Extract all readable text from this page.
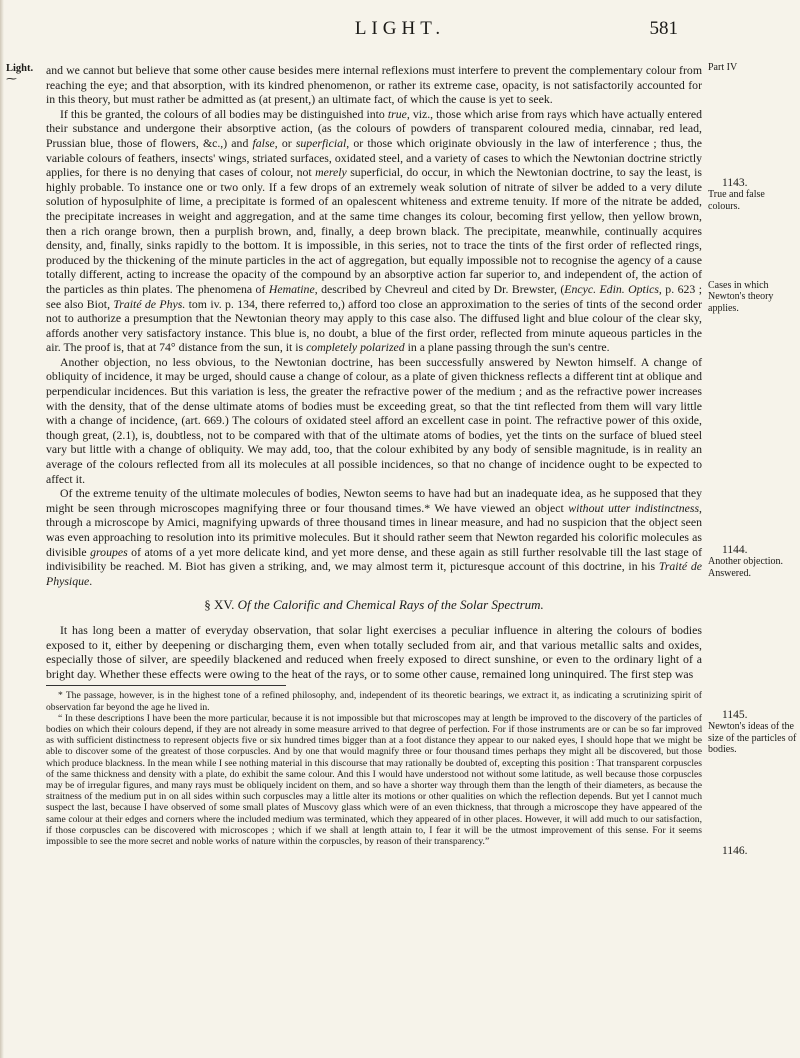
LIGHT.	581
Light.
⁓

and we cannot but believe that some other cause besides mere internal reflexions must interfere to prevent the complementary colour from reaching the eye; and that absorption, with its kindred phenomenon, or rather its extreme case, opacity, is not satisfactorily accounted for in this theory, but must rather be admitted as (at present,) an ultimate fact, of which the cause is yet to seek.

If this be granted, the colours of all bodies may be distinguished into true, viz., those which arise from rays which have actually entered their substance and undergone their absorptive action, (as the colours of powders of transparent coloured media, cinnabar, red lead, Prussian blue, those of flowers, &c.,) and false, or superficial, or those which originate obviously in the law of interference ; thus, the variable colours of feathers, insects' wings, striated surfaces, oxidated steel, and a variety of cases to which the Newtonian doctrine strictly applies, for there is no denying that cases of colour, not merely superficial, do occur, in which the Newtonian doctrine, to say the least, is highly probable. To instance one or two only. If a few drops of an extremely weak solution of nitrate of silver be added to a very dilute solution of hyposulphite of lime, a precipitate is formed of an opalescent whiteness and extreme tenuity. If more of the nitrate be added, the precipitate increases in weight and aggregation, and at the same time changes its colour, becoming first yellow, then yellow brown, then a rich orange brown, then a purplish brown, and, finally, a deep brown black. The precipitate, meanwhile, continually acquires density, and, finally, sinks rapidly to the bottom. It is impossible, in this series, not to trace the tints of the first order of reflected rings, produced by the thickening of the minute particles in the act of aggregation, but equally impossible not to recognise the agency of a cause totally different, acting to increase the opacity of the compound by an absorptive action far superior to, and independent of, the action of the particles as thin plates. The phenomena of Hematine, described by Chevreul and cited by Dr. Brewster, (Encyc. Edin. Optics, p. 623 ; see also Biot, Traité de Phys. tom iv. p. 134, there referred to,) afford too close an approximation to the series of tints of the second order not to authorize a presumption that the Newtonian theory may apply to this case also. The diffused light and blue colour of the clear sky, affords another very satisfactory instance. This blue is, no doubt, a blue of the first order, reflected from minute aqueous particles in the air. The proof is, that at 74° distance from the sun, it is completely polarized in a plane passing through the sun's centre.

Another objection, no less obvious, to the Newtonian doctrine, has been successfully answered by Newton himself. A change of obliquity of incidence, it may be urged, should cause a change of colour, as a plate of given thickness reflects a different tint at oblique and perpendicular incidences. But this variation is less, the greater the refractive power of the medium ; and as the refractive power increases with the density, that of the dense ultimate atoms of bodies must be exceeding great, so that the tint reflected from them will vary little with a change of incidence, (art. 669.) The colours of oxidated steel afford an excellent case in point. The refractive power of this oxide, though great, (2.1), is, doubtless, not to be compared with that of the ultimate atoms of bodies, yet the tints on the surface of blued steel vary but little with a change of obliquity. We may add, too, that the colour exhibited by any body of sensible magnitude, is in reality an average of the colours reflected from all its molecules at all possible incidences, so that no change of incidence ought to be expected to affect it.

Of the extreme tenuity of the ultimate molecules of bodies, Newton seems to have had but an inadequate idea, as he supposed that they might be seen through microscopes magnifying three or four thousand times.* We have viewed an object without utter indistinctness, through a microscope by Amici, magnifying upwards of three thousand times in linear measure, and had no suspicion that the object seen was even approaching to resolution into its primitive molecules. But it should rather seem that Newton regarded his colorific molecules as divisible groupes of atoms of a yet more delicate kind, and yet more dense, and these again as still further resolvable till the last stage of indivisibility be reached. M. Biot has given a striking, and, we may almost term it, picturesque account of this doctrine, in his Traité de Physique.

§ XV. Of the Calorific and Chemical Rays of the Solar Spectrum.

It has long been a matter of everyday observation, that solar light exercises a peculiar influence in altering the colours of bodies exposed to it, either by deepening or discharging them, even when totally secluded from air, and that various metallic salts and oxides, especially those of silver, are speedily blackened and reduced when freely exposed to direct sunshine, or even to the ordinary light of a bright day. Whether these effects were owing to the heat of the rays, or to some other cause, remained long uninquired. The first step was

* The passage, however, is in the highest tone of a refined philosophy, and, independent of its theoretic bearings, we extract it, as indicating a scrutinizing spirit of observation far beyond the age he lived in.

“ In these descriptions I have been the more particular, because it is not impossible but that microscopes may at length be improved to the discovery of the particles of bodies on which their colours depend, if they are not already in some measure arrived to that degree of perfection. For if those instruments are or can be so far improved as with sufficient distinctness to represent objects five or six hundred times bigger than at a foot distance they appear to our naked eyes, I should hope that we might be able to discover some of the greatest of those corpuscles. And by one that would magnify three or four thousand times perhaps they might all be discovered, but those which produce blackness. In the mean while I see nothing material in this discourse that may rationally be doubted of, excepting this position : That transparent corpuscles of the same thickness and density with a plate, do exhibit the same colour. And this I would have understood not without some latitude, as well because those corpuscles may be of irregular figures, and many rays must be obliquely incident on them, and so have a shorter way through them than the length of their diameters, as because the straitness of the medium put in on all sides within such corpuscles may a little alter its motions or other qualities on which the reflection depends. But yet I cannot much suspect the last, because I have observed of some small plates of Muscovy glass which were of an even thickness, that through a microscope they have appeared of the same colour at their edges and corners where the included medium was terminated, which they appeared of in other places. However, it will add much to our satisfaction, if those corpuscles can be discovered with microscopes ; which if we shall at length attain to, I fear it will be the utmost improvement of this sense. For it seems impossible to see the more secret and noble works of nature within the corpuscles, by reason of their transparency.”

Part IV
1143.
True and false colours.
Cases in which Newton's theory applies.
1144.
Another objection. Answered.
1145.
Newton's ideas of the size of the particles of bodies.
1146.
